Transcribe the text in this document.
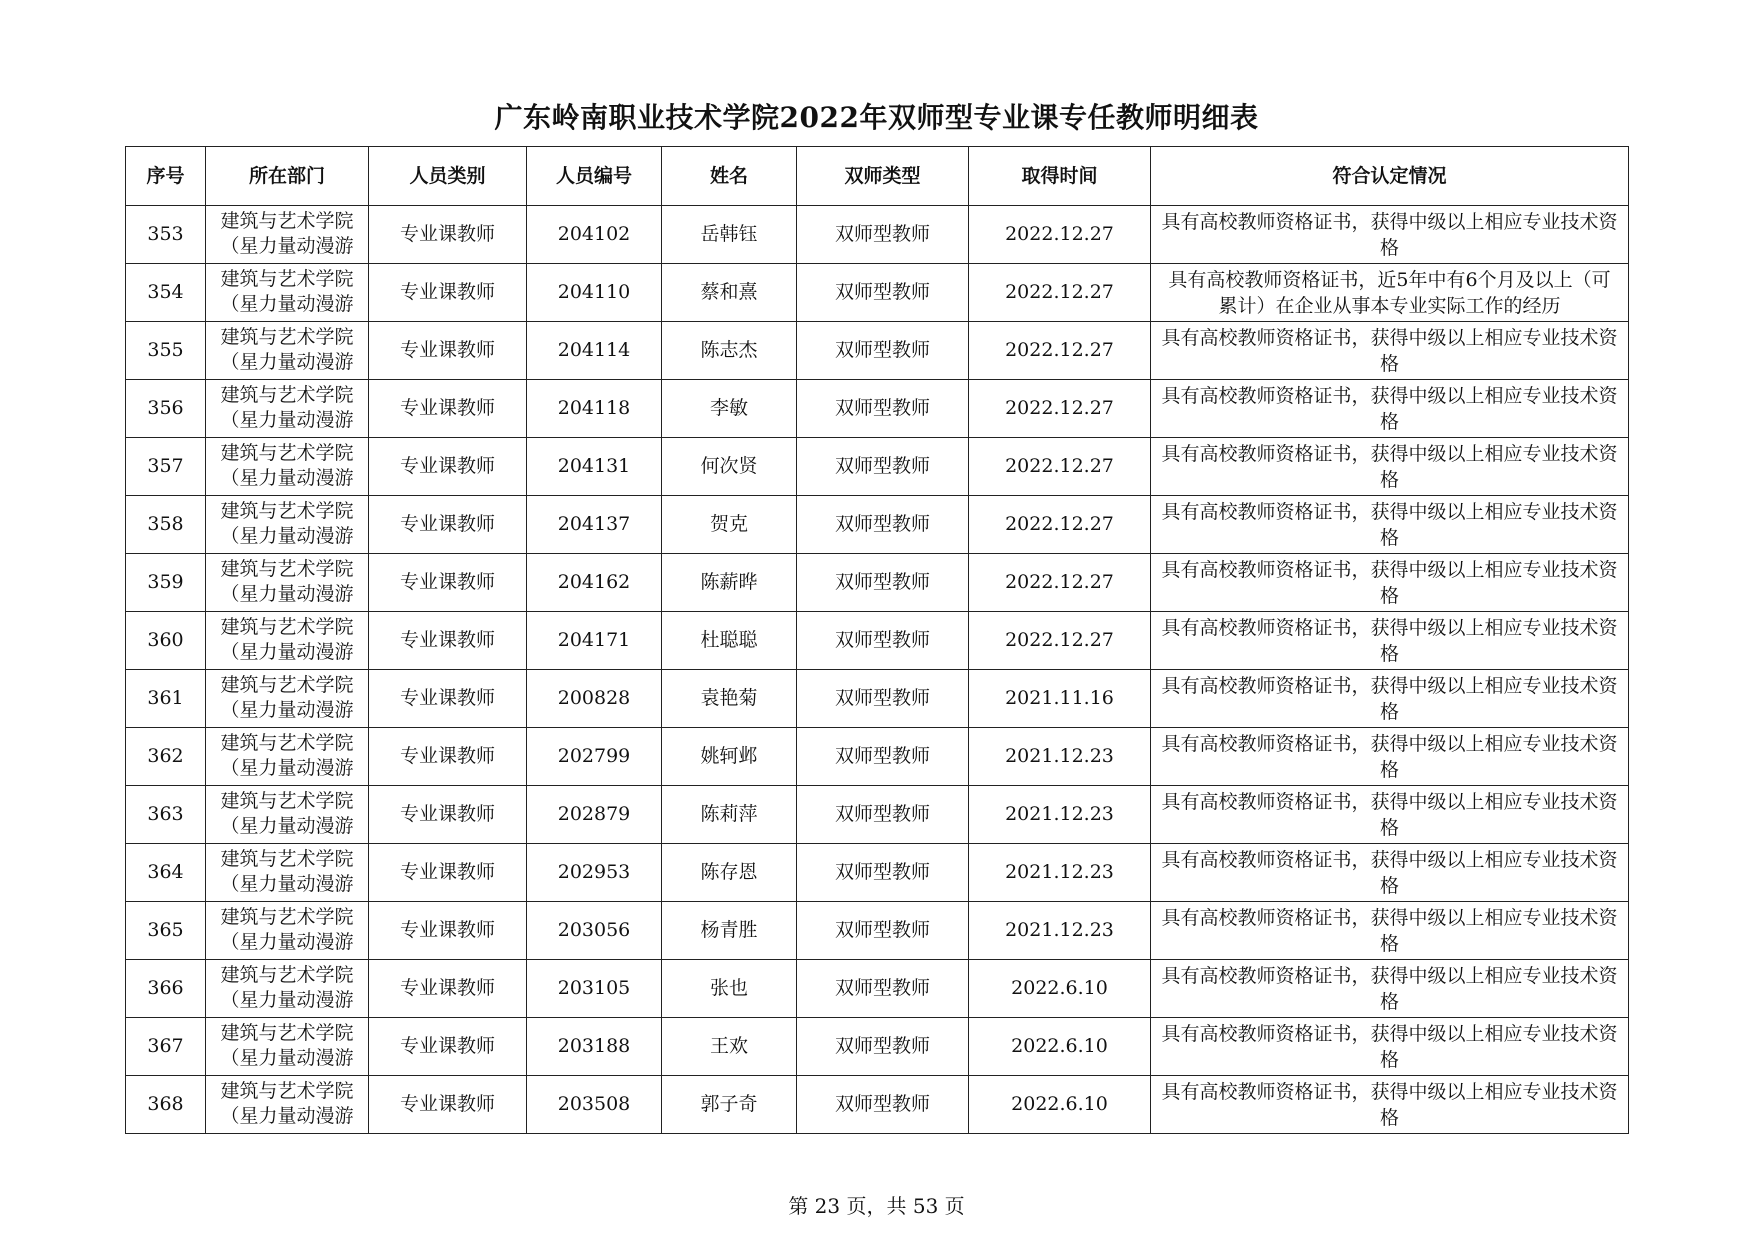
广东岭南职业技术学院2022年双师型专业课专任教师明细表
序号	所在部门	人员类别	人员编号	姓名	双师类型	取得时间	符合认定情况
353	建筑与艺术学院（星力量动漫游	专业课教师	204102	岳韩钰	双师型教师	2022.12.27	具有高校教师资格证书，获得中级以上相应专业技术资格
354	建筑与艺术学院（星力量动漫游	专业课教师	204110	蔡和熹	双师型教师	2022.12.27	具有高校教师资格证书，近5年中有6个月及以上（可累计）在企业从事本专业实际工作的经历
355	建筑与艺术学院（星力量动漫游	专业课教师	204114	陈志杰	双师型教师	2022.12.27	具有高校教师资格证书，获得中级以上相应专业技术资格
356	建筑与艺术学院（星力量动漫游	专业课教师	204118	李敏	双师型教师	2022.12.27	具有高校教师资格证书，获得中级以上相应专业技术资格
357	建筑与艺术学院（星力量动漫游	专业课教师	204131	何次贤	双师型教师	2022.12.27	具有高校教师资格证书，获得中级以上相应专业技术资格
358	建筑与艺术学院（星力量动漫游	专业课教师	204137	贺克	双师型教师	2022.12.27	具有高校教师资格证书，获得中级以上相应专业技术资格
359	建筑与艺术学院（星力量动漫游	专业课教师	204162	陈薪晔	双师型教师	2022.12.27	具有高校教师资格证书，获得中级以上相应专业技术资格
360	建筑与艺术学院（星力量动漫游	专业课教师	204171	杜聪聪	双师型教师	2022.12.27	具有高校教师资格证书，获得中级以上相应专业技术资格
361	建筑与艺术学院（星力量动漫游	专业课教师	200828	袁艳菊	双师型教师	2021.11.16	具有高校教师资格证书，获得中级以上相应专业技术资格
362	建筑与艺术学院（星力量动漫游	专业课教师	202799	姚轲邺	双师型教师	2021.12.23	具有高校教师资格证书，获得中级以上相应专业技术资格
363	建筑与艺术学院（星力量动漫游	专业课教师	202879	陈莉萍	双师型教师	2021.12.23	具有高校教师资格证书，获得中级以上相应专业技术资格
364	建筑与艺术学院（星力量动漫游	专业课教师	202953	陈存恩	双师型教师	2021.12.23	具有高校教师资格证书，获得中级以上相应专业技术资格
365	建筑与艺术学院（星力量动漫游	专业课教师	203056	杨青胜	双师型教师	2021.12.23	具有高校教师资格证书，获得中级以上相应专业技术资格
366	建筑与艺术学院（星力量动漫游	专业课教师	203105	张也	双师型教师	2022.6.10	具有高校教师资格证书，获得中级以上相应专业技术资格
367	建筑与艺术学院（星力量动漫游	专业课教师	203188	王欢	双师型教师	2022.6.10	具有高校教师资格证书，获得中级以上相应专业技术资格
368	建筑与艺术学院（星力量动漫游	专业课教师	203508	郭子奇	双师型教师	2022.6.10	具有高校教师资格证书，获得中级以上相应专业技术资格
第 23 页，共 53 页
